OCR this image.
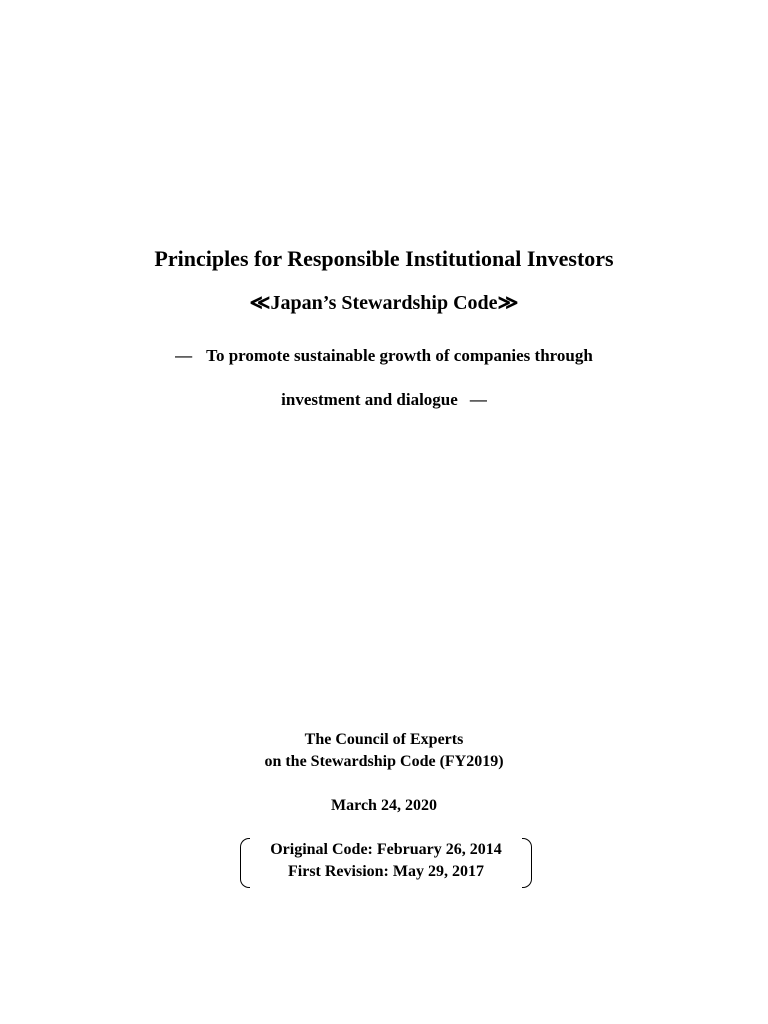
Principles for Responsible Institutional Investors
≪Japan’s Stewardship Code≫
― To promote sustainable growth of companies through
investment and dialogue ―
The Council of Experts
on the Stewardship Code (FY2019)
March 24, 2020
Original Code: February 26, 2014
First Revision: May 29, 2017
